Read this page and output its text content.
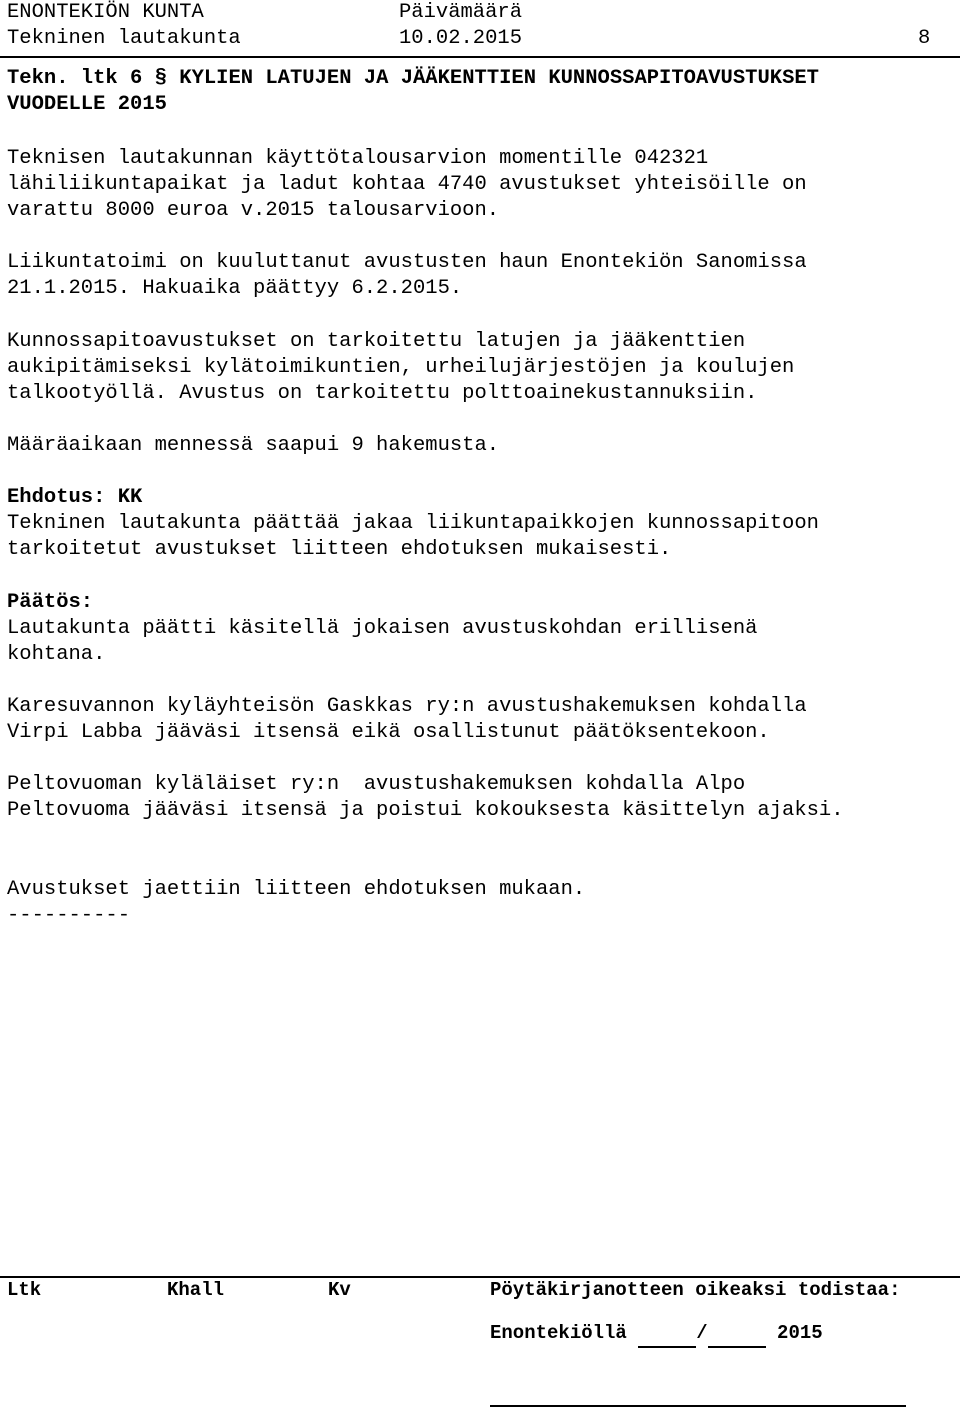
ENONTEKIÖN KUNTA	Päivämäärä
Tekninen lautakunta	10.02.2015	8
Tekn. ltk 6 § KYLIEN LATUJEN JA JÄÄKENTTIEN KUNNOSSAPITOAVUSTUKSET
VUODELLE 2015
Teknisen lautakunnan käyttötalousarvion momentille 042321
lähiliikuntapaikat ja ladut kohtaa 4740 avustukset yhteisöille on
varattu 8000 euroa v.2015 talousarvioon.
Liikuntatoimi on kuuluttanut avustusten haun Enontekiön Sanomissa
21.1.2015. Hakuaika päättyy 6.2.2015.
Kunnossapitoavustukset on tarkoitettu latujen ja jääkenttien
aukipitämiseksi kylätoimikuntien, urheilujärjestöjen ja koulujen
talkootyöllä. Avustus on tarkoitettu polttoainekustannuksiin.
Määräaikaan mennessä saapui 9 hakemusta.
Ehdotus: KK
Tekninen lautakunta päättää jakaa liikuntapaikkojen kunnossapitoon
tarkoitetut avustukset liitteen ehdotuksen mukaisesti.
Päätös:
Lautakunta päätti käsitellä jokaisen avustuskohdan erillisenä
kohtana.
Karesuvannon kyläyhteisön Gaskkas ry:n avustushakemuksen kohdalla
Virpi Labba jääväsi itsensä eikä osallistunut päätöksentekoon.
Peltovuoman kyläläiset ry:n  avustushakemuksen kohdalla Alpo
Peltovuoma jääväsi itsensä ja poistui kokouksesta käsittelyn ajaksi.
Avustukset jaettiin liitteen ehdotuksen mukaan.
----------
Ltk	Khall	Kv	Pöytäkirjanotteen oikeaksi todistaa:
Enontekiöllä	/	2015
